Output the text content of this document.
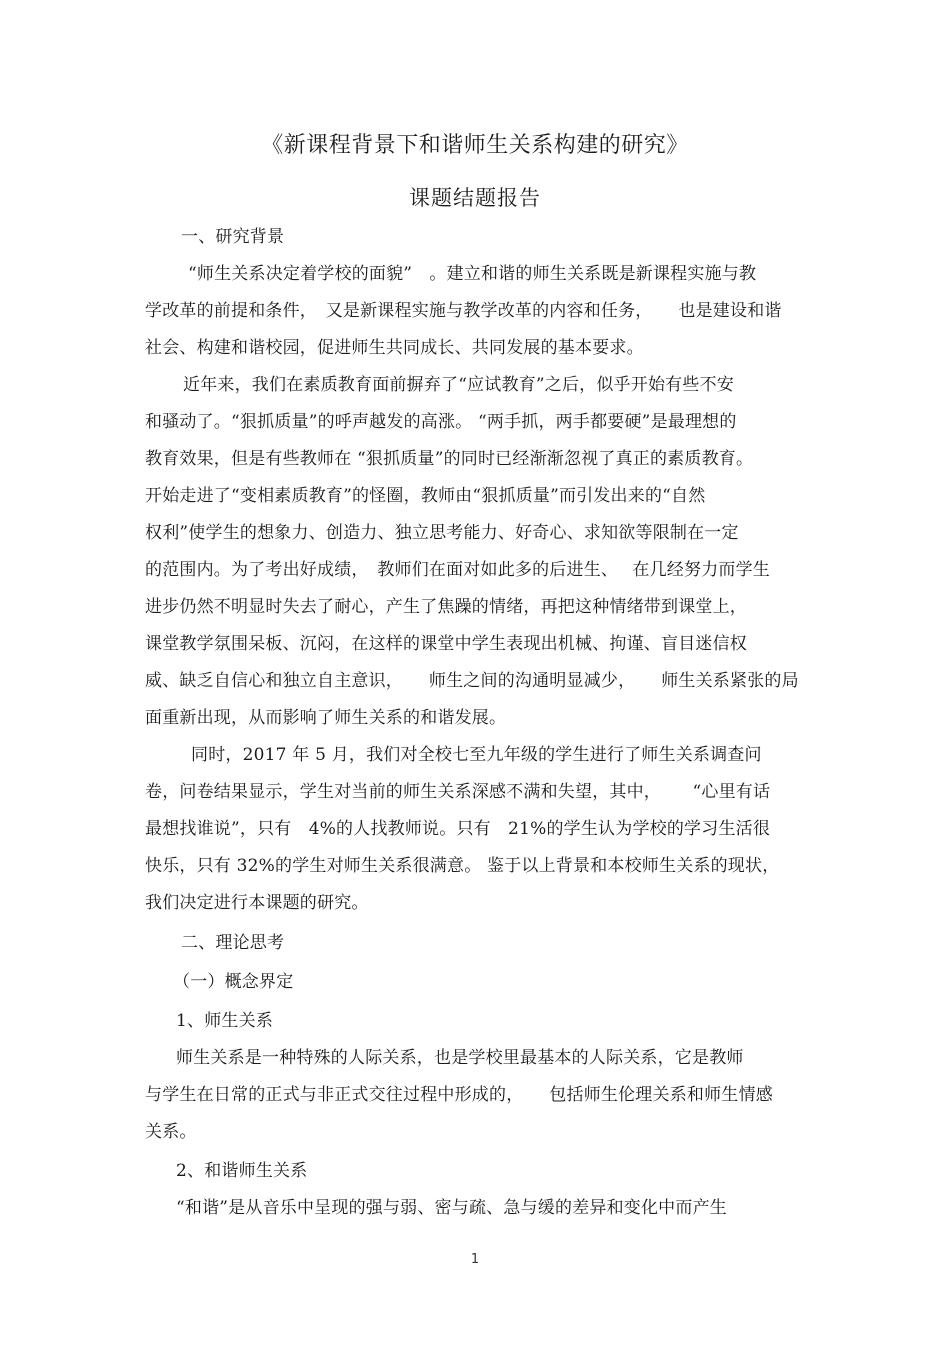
《新课程背景下和谐师生关系构建的研究》
课题结题报告
一、研究背景
“师生关系决定着学校的面貌”　。建立和谐的师生关系既是新课程实施与教
学改革的前提和条件，　又是新课程实施与教学改革的内容和任务，　　也是建设和谐
社会、构建和谐校园，促进师生共同成长、共同发展的基本要求。
近年来，我们在素质教育面前摒弃了“应试教育”之后，似乎开始有些不安
和骚动了。“狠抓质量”的呼声越发的高涨。 “两手抓，两手都要硬”是最理想的
教育效果，但是有些教师在 “狠抓质量”的同时已经渐渐忽视了真正的素质教育。
开始走进了“变相素质教育”的怪圈，教师由“狠抓质量”而引发出来的“自然
权利”使学生的想象力、创造力、独立思考能力、好奇心、求知欲等限制在一定
的范围内。为了考出好成绩，　教师们在面对如此多的后进生、　 在几经努力而学生
进步仍然不明显时失去了耐心，产生了焦躁的情绪，再把这种情绪带到课堂上，
课堂教学氛围呆板、沉闷，在这样的课堂中学生表现出机械、拘谨、盲目迷信权
威、缺乏自信心和独立自主意识，　　师生之间的沟通明显减少，　　师生关系紧张的局
面重新出现，从而影响了师生关系的和谐发展。
同时，2017 年 5 月，我们对全校七至九年级的学生进行了师生关系调查问
卷，问卷结果显示，学生对当前的师生关系深感不满和失望，其中，　　 “心里有话
最想找谁说”，只有　4%的人找教师说。只有　21%的学生认为学校的学习生活很
快乐，只有 32%的学生对师生关系很满意。 鉴于以上背景和本校师生关系的现状，
我们决定进行本课题的研究。
二、理论思考
（一）概念界定
1、师生关系
师生关系是一种特殊的人际关系，也是学校里最基本的人际关系，它是教师
与学生在日常的正式与非正式交往过程中形成的，　　包括师生伦理关系和师生情感
关系。
2、和谐师生关系
“和谐”是从音乐中呈现的强与弱、密与疏、急与缓的差异和变化中而产生
1
